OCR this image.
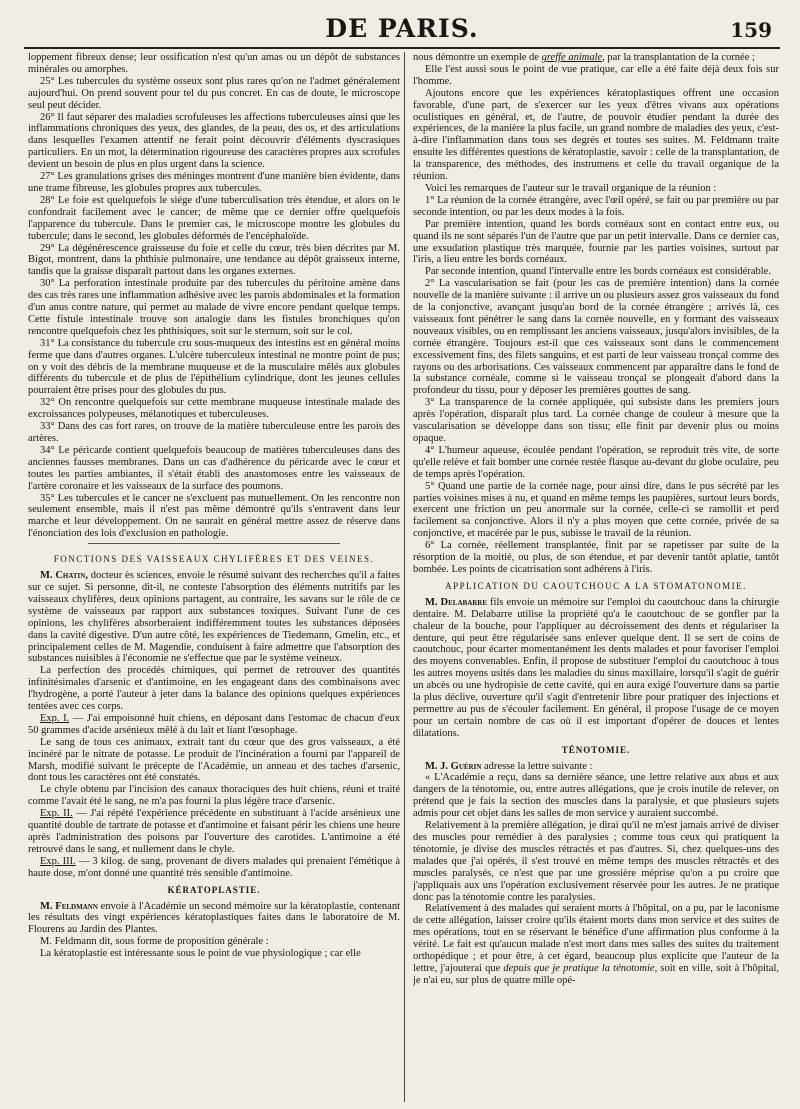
DE PARIS.	159

loppement fibreux dense; leur ossification n'est qu'un amas ou un dépôt de substances minérales ou amorphes.

25° Les tubercules du système osseux sont plus rares qu'on ne l'admet généralement aujourd'hui. On prend souvent pour tel du pus concret. En cas de doute, le microscope seul peut décider.

26° Il faut séparer des maladies scrofuleuses les affections tuberculeuses ainsi que les inflammations chroniques des yeux, des glandes, de la peau, des os, et des articulations dans lesquelles l'examen attentif ne ferait point découvrir d'éléments dyscrasiques particuliers. En un mot, la détermination rigoureuse des caractères propres aux scrofules devient un besoin de plus en plus urgent dans la science.

27° Les granulations grises des méninges montrent d'une manière bien évidente, dans une trame fibreuse, les globules propres aux tubercules.

28° Le foie est quelquefois le siége d'une tuberculisation très étendue, et alors on le confondrait facilement avec le cancer; de même que ce dernier offre quelquefois l'apparence du tubercule. Dans le premier cas, le microscope montre les globules du tubercule; dans le second, les globules déformés de l'encéphaloïde.

29° La dégénérescence graisseuse du foie et celle du cœur, très bien décrites par M. Bigot, montrent, dans la phthisie pulmonaire, une tendance au dépôt graisseux interne, tandis que la graisse disparaît partout dans les organes externes.

30° La perforation intestinale produite par des tubercules du péritoine amène dans des cas très rares une inflammation adhésive avec les parois abdominales et la formation d'un anus contre nature, qui permet au malade de vivre encore pendant quelque temps. Cette fistule intestinale trouve son analogie dans les fistules bronchiques qu'on rencontre quelquefois chez les phthisiques, soit sur le sternum, soit sur le col.

31° La consistance du tubercule cru sous-muqueux des intestins est en général moins ferme que dans d'autres organes. L'ulcère tuberculeux intestinal ne montre point de pus; on y voit des débris de la membrane muqueuse et de la musculaire mêlés aux globules différents du tubercule et de plus de l'épithélium cylindrique, dont les jeunes cellules pourraient être prises pour des globules du pus.

32° On rencontre quelquefois sur cette membrane muqueuse intestinale malade des excroissances polypeuses, mélanotiques et tuberculeuses.

33° Dans des cas fort rares, on trouve de la matière tuberculeuse entre les parois des artères.

34° Le péricarde contient quelquefois beaucoup de matières tuberculeuses dans des anciennes fausses membranes. Dans un cas d'adhérence du péricarde avec le cœur et toutes les parties ambiantes, il s'était établi des anastomoses entre les vaisseaux de l'artère coronaire et les vaisseaux de la surface des poumons.

35° Les tubercules et le cancer ne s'excluent pas mutuellement. On les rencontre non seulement ensemble, mais il n'est pas même démontré qu'ils s'entravent dans leur marche et leur développement. On ne saurait en général mettre assez de réserve dans l'énonciation des lois d'exclusion en pathologie.

FONCTIONS DES VAISSEAUX CHYLIFÈRES ET DES VEINES.

M. Chatin, docteur ès sciences, envoie le résumé suivant des recherches qu'il a faites sur ce sujet. Si personne, dit-il, ne conteste l'absorption des éléments nutritifs par les vaisseaux chylifères, deux opinions partagent, au contraire, les savans sur le rôle de ce système de vaisseaux par rapport aux substances toxiques. Suivant l'une de ces opinions, les chylifères absorberaient indifféremment toutes les substances déposées dans la cavité digestive. D'un autre côté, les expériences de Tiedemann, Gmelin, etc., et principalement celles de M. Magendie, conduisent à faire admettre que l'absorption des substances nuisibles à l'économie ne s'effectue que par le système veineux.

La perfection des procédés chimiques, qui permet de retrouver des quantités infinitésimales d'arsenic et d'antimoine, en les engageant dans des combinaisons avec l'hydrogène, a porté l'auteur à jeter dans la balance des opinions quelques expériences tentées avec ces corps.

Exp. I. — J'ai empoisonné huit chiens, en déposant dans l'estomac de chacun d'eux 50 grammes d'acide arsénieux mêlé à du lait et liant l'œsophage.

Le sang de tous ces animaux, extrait tant du cœur que des gros vaisseaux, a été incinéré par le nitrate de potasse. Le produit de l'incinération a fourni par l'appareil de Marsh, modifié suivant le précepte de l'Académie, un anneau et des taches d'arsenic, dont tous les caractères ont été constatés.

Le chyle obtenu par l'incision des canaux thoraciques des huit chiens, réuni et traité comme l'avait été le sang, ne m'a pas fourni la plus légère trace d'arsenic.

Exp. II. — J'ai répété l'expérience précédente en substituant à l'acide arsénieux une quantité double de tartrate de potasse et d'antimoine et faisant périr les chiens une heure après l'administration des poisons par l'ouverture des carotides. L'antimoine a été retrouvé dans le sang, et nullement dans le chyle.

Exp. III. — 3 kilog. de sang, provenant de divers malades qui prenaient l'émétique à haute dose, m'ont donné une quantité très sensible d'antimoine.

KÉRATOPLASTIE.

M. Feldmann envoie à l'Académie un second mémoire sur la kératoplastie, contenant les résultats des vingt expériences kératoplastiques faites dans le laboratoire de M. Flourens au Jardin des Plantes.

M. Feldmann dit, sous forme de proposition générale :

La kératoplastie est intéressante sous le point de vue physiologique ; car elle

nous démontre un exemple de greffe animale, par la transplantation de la cornée ;

Elle l'est aussi sous le point de vue pratique, car elle a été faite déjà deux fois sur l'homme.

Ajoutons encore que les expériences kératoplastiques offrent une occasion favorable, d'une part, de s'exercer sur les yeux d'êtres vivans aux opérations oculistiques en général, et, de l'autre, de pouvoir étudier pendant la durée des expériences, de la manière la plus facile, un grand nombre de maladies des yeux, c'est-à-dire l'inflammation dans tous ses degrés et toutes ses suites. M. Feldmann traite ensuite les différentes questions de kératoplastie, savoir : celle de la transplantation, de la transparence, des méthodes, des instrumens et celle du travail organique de la réunion.

Voici les remarques de l'auteur sur le travail organique de la réunion :

1° La réunion de la cornée étrangère, avec l'œil opéré, se fait ou par première ou par seconde intention, ou par les deux modes à la fois.

Par première intention, quand les bords cornéaux sont en contact entre eux, ou quand ils ne sont séparés l'un de l'autre que par un petit intervalle. Dans ce dernier cas, une exsudation plastique très marquée, fournie par les parties voisines, surtout par l'iris, a lieu entre les bords cornéaux.

Par seconde intention, quand l'intervalle entre les bords cornéaux est considérable.

2° La vascularisation se fait (pour les cas de première intention) dans la cornée nouvelle de la manière suivante : il arrive un ou plusieurs assez gros vaisseaux du fond de la conjonctive, avançant jusqu'au bord de la cornée étrangère ; arrivés là, ces vaisseaux font pénétrer le sang dans la cornée nouvelle, en y formant des vaisseaux nouveaux visibles, ou en remplissant les anciens vaisseaux, jusqu'alors invisibles, de la cornée étrangère. Toujours est-il que ces vaisseaux sont dans le commencement excessivement fins, des filets sanguins, et est parti de leur vaisseau tronçal comme des rayons ou des arborisations. Ces vaisseaux commencent par apparaître dans le fond de la substance cornéale, comme si le vaisseau tronçal se plongeait d'abord dans la profondeur du tissu, pour y déposer les premières gouttes de sang.

3° La transparence de la cornée appliquée, qui subsiste dans les premiers jours après l'opération, disparaît plus tard. La cornée change de couleur à mesure que la vascularisation se développe dans son tissu; elle finit par devenir plus ou moins opaque.

4° L'humeur aqueuse, écoulée pendant l'opération, se reproduit très vite, de sorte qu'elle relève et fait bomber une cornée restée flasque au-devant du globe oculaire, peu de temps après l'opération.

5° Quand une partie de la cornée nage, pour ainsi dire, dans le pus sécrété par les parties voisines mises à nu, et quand en même temps les paupières, surtout leurs bords, exercent une friction un peu anormale sur la cornée, celle-ci se ramollit et perd facilement sa conjonctive. Alors il n'y a plus moyen que cette cornée, privée de sa conjonctive, et macérée par le pus, subisse le travail de la réunion.

6° La cornée, réellement transplantée, finit par se rapetisser par suite de la résorption de la moitié, ou plus, de son étendue, et par devenir tantôt aplatie, tantôt bombée. Les points de cicatrisation sont adhérens à l'iris.

APPLICATION DU CAOUTCHOUC A LA STOMATONOMIE.

M. Delabarre fils envoie un mémoire sur l'emploi du caoutchouc dans la chirurgie dentaire. M. Delabarre utilise la propriété qu'a le caoutchouc de se gonfler par la chaleur de la bouche, pour l'appliquer au décroissement des dents et régulariser la denture, qui peut être régularisée sans enlever quelque dent. Il se sert de coins de caoutchouc, pour écarter momentanément les dents malades et pour favoriser l'emploi des moyens convenables. Enfin, il propose de substituer l'emploi du caoutchouc à tous les autres moyens usités dans les maladies du sinus maxillaire, lorsqu'il s'agit de guérir un abcès ou une hydropisie de cette cavité, qui en aura exigé l'ouverture dans sa partie la plus déclive, ouverture qu'il s'agit d'entretenir libre pour pratiquer des injections et permettre au pus de s'écouler facilement. En général, il propose l'usage de ce moyen pour un certain nombre de cas où il est important d'opérer de douces et lentes dilatations.

TÉNOTOMIE.

M. J. Guérin adresse la lettre suivante :

« L'Académie a reçu, dans sa dernière séance, une lettre relative aux abus et aux dangers de la ténotomie, ou, entre autres allégations, que je crois inutile de relever, on prétend que je fais la section des muscles dans la paralysie, et que plusieurs sujets admis pour cet objet dans les salles de mon service y auraient succombé.

Relativement à la première allégation, je dirai qu'il ne m'est jamais arrivé de diviser des muscles pour remédier à des paralysies ; comme tous ceux qui pratiquent la ténotomie, je divise des muscles rétractés et pas d'autres. Si, chez quelques-uns des malades que j'ai opérés, il s'est trouvé en même temps des muscles rétractés et des muscles paralysés, ce n'est que par une grossière méprise qu'on a pu croire que j'appliquais aux uns l'opération exclusivement réservée pour les autres. Je ne pratique donc pas la ténotomie contre les paralysies.

Relativement à des malades qui seraient morts à l'hôpital, on a pu, par le laconisme de cette allégation, laisser croire qu'ils étaient morts dans mon service et des suites de mes opérations, tout en se réservant le bénéfice d'une affirmation plus conforme à la vérité. Le fait est qu'aucun malade n'est mort dans mes salles des suites du traitement orthopédique ; et pour être, à cet égard, beaucoup plus explicite que l'auteur de la lettre, j'ajouterai que depuis que je pratique la ténotomie, soit en ville, soit à l'hôpital, je n'ai eu, sur plus de quatre mille opé-
